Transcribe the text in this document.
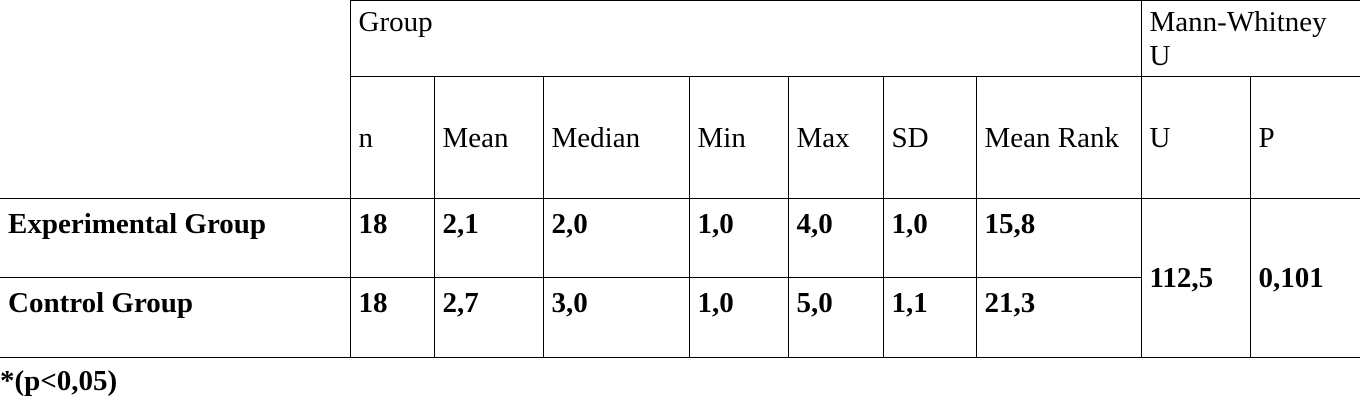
	Group							Mann-Whitney U	
	n	Mean	Median	Min	Max	SD	Mean Rank	U	P
Experimental Group	18	2,1	2,0	1,0	4,0	1,0	15,8	112,5	0,101
Control Group	18	2,7	3,0	1,0	5,0	1,1	21,3		
*(p<0,05)
